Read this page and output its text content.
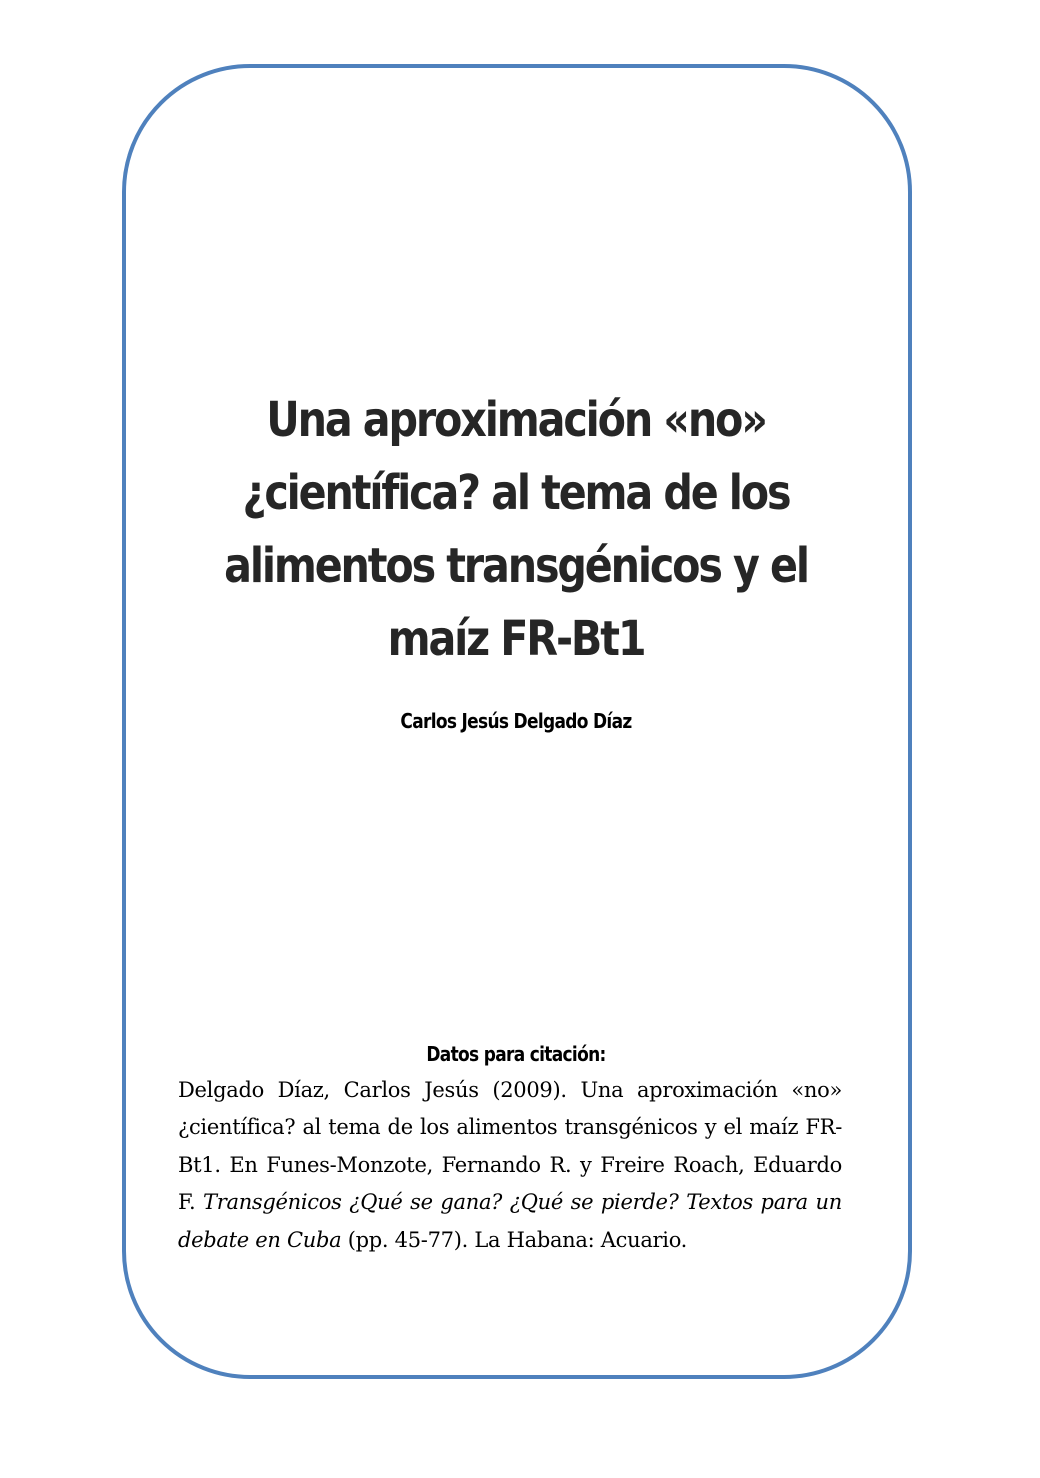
Una aproximación «no»
¿científica? al tema de los
alimentos transgénicos y el
maíz FR-Bt1

Carlos Jesús Delgado Díaz

Datos para citación:

Delgado Díaz, Carlos Jesús (2009). Una aproximación «no» ¿científica? al tema de los alimentos transgénicos y el maíz FR-Bt1. En Funes-Monzote, Fernando R. y Freire Roach, Eduardo F. Transgénicos ¿Qué se gana? ¿Qué se pierde? Textos para un debate en Cuba (pp. 45-77). La Habana: Acuario.
